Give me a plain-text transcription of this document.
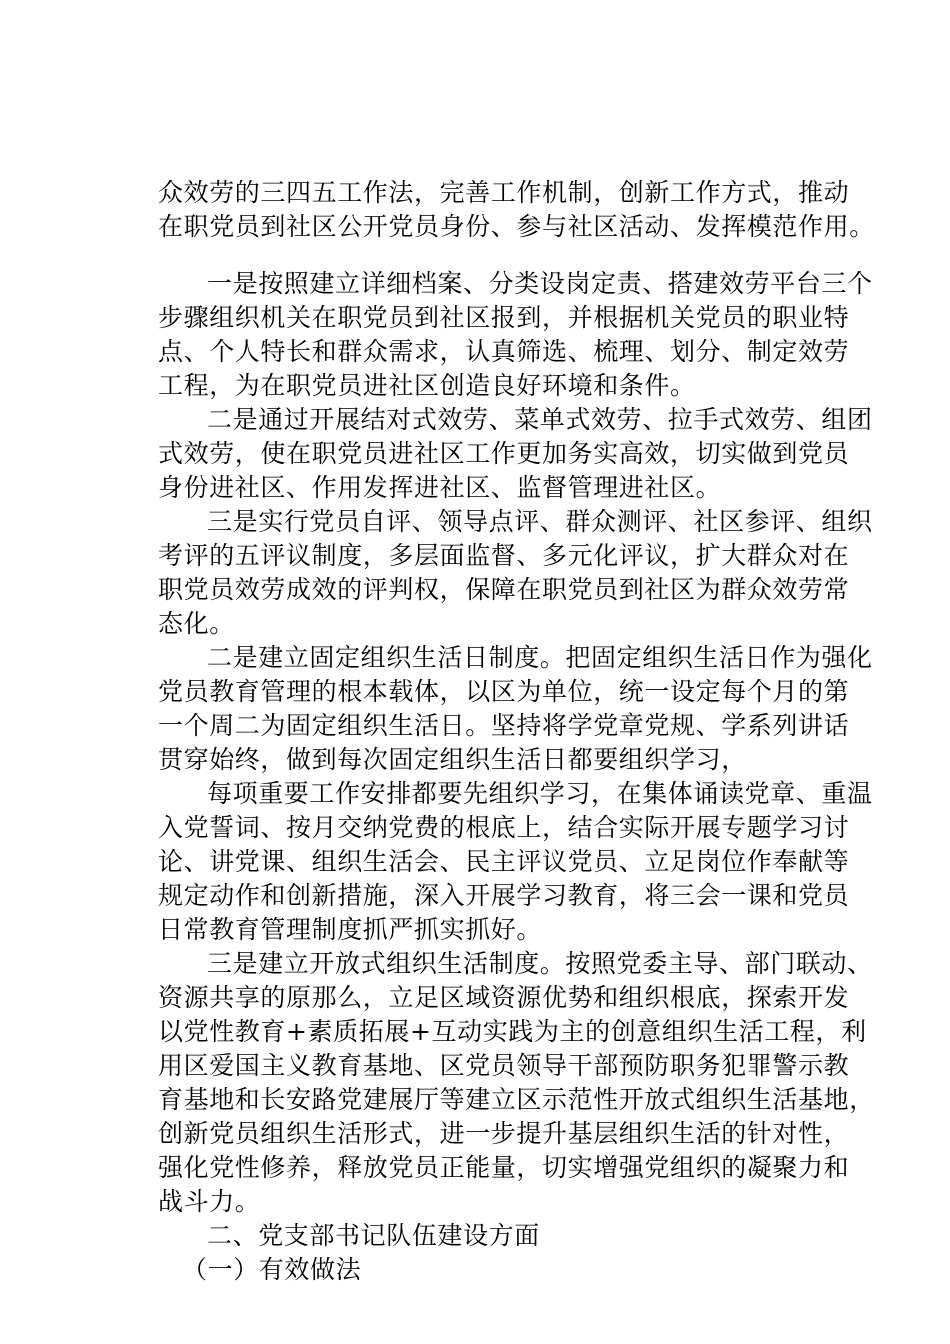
众效劳的三四五工作法，完善工作机制，创新工作方式，推动
在职党员到社区公开党员身份、参与社区活动、发挥模范作用。
一是按照建立详细档案、分类设岗定责、搭建效劳平台三个
步骤组织机关在职党员到社区报到，并根据机关党员的职业特
点、个人特长和群众需求，认真筛选、梳理、划分、制定效劳
工程，为在职党员进社区创造良好环境和条件。
二是通过开展结对式效劳、菜单式效劳、拉手式效劳、组团
式效劳，使在职党员进社区工作更加务实高效，切实做到党员
身份进社区、作用发挥进社区、监督管理进社区。
三是实行党员自评、领导点评、群众测评、社区参评、组织
考评的五评议制度，多层面监督、多元化评议，扩大群众对在
职党员效劳成效的评判权，保障在职党员到社区为群众效劳常
态化。
二是建立固定组织生活日制度。把固定组织生活日作为强化
党员教育管理的根本载体，以区为单位，统一设定每个月的第
一个周二为固定组织生活日。坚持将学党章党规、学系列讲话
贯穿始终，做到每次固定组织生活日都要组织学习，
每项重要工作安排都要先组织学习，在集体诵读党章、重温
入党誓词、按月交纳党费的根底上，结合实际开展专题学习讨
论、讲党课、组织生活会、民主评议党员、立足岗位作奉献等
规定动作和创新措施，深入开展学习教育，将三会一课和党员
日常教育管理制度抓严抓实抓好。
三是建立开放式组织生活制度。按照党委主导、部门联动、
资源共享的原那么，立足区域资源优势和组织根底，探索开发
以党性教育+素质拓展+互动实践为主的创意组织生活工程，利
用区爱国主义教育基地、区党员领导干部预防职务犯罪警示教
育基地和长安路党建展厅等建立区示范性开放式组织生活基地，
创新党员组织生活形式，进一步提升基层组织生活的针对性，
强化党性修养，释放党员正能量，切实增强党组织的凝聚力和
战斗力。
二、党支部书记队伍建设方面
（一）有效做法
